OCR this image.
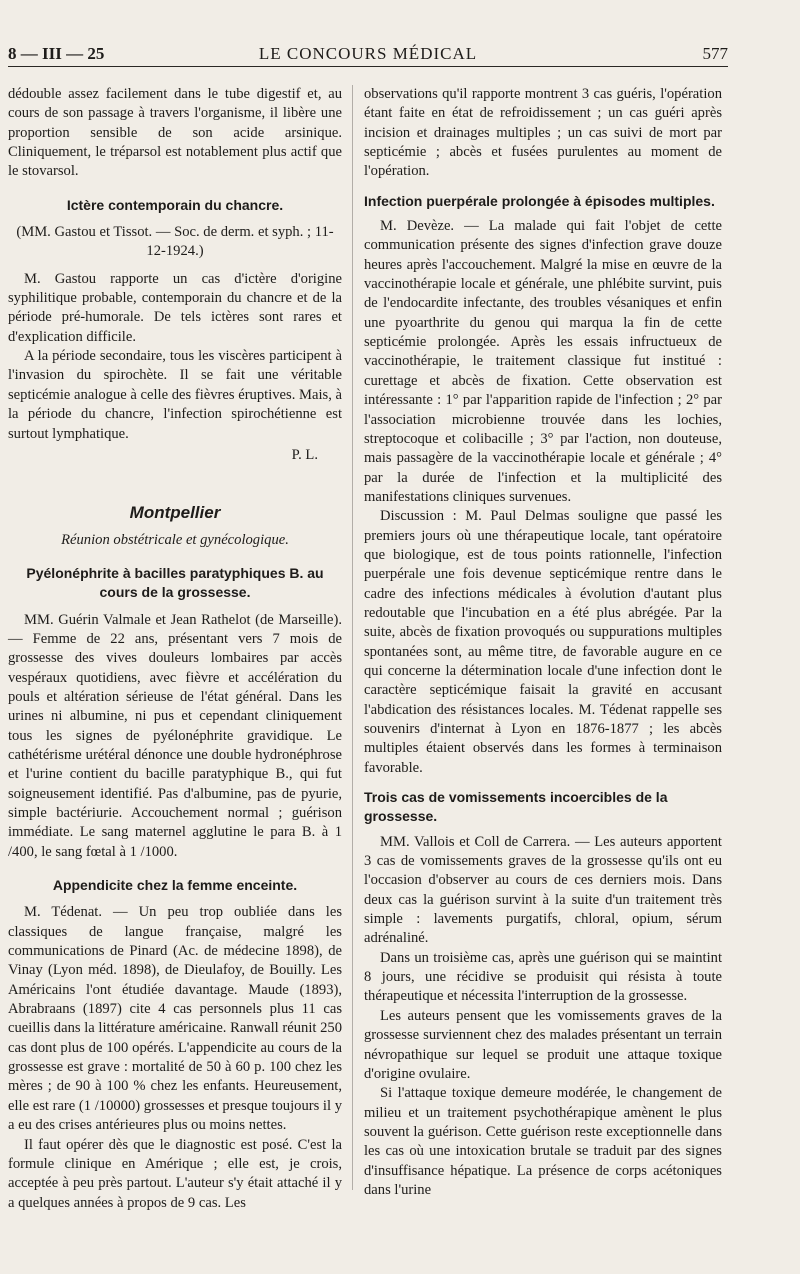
8 — III — 25	LE CONCOURS MÉDICAL	577

dédouble assez facilement dans le tube digestif et, au cours de son passage à travers l'organisme, il libère une proportion sensible de son acide arsinique. Cliniquement, le tréparsol est notablement plus actif que le stovarsol.

Ictère contemporain du chancre.

(MM. Gastou et Tissot. — Soc. de derm. et syph. ; 11-12-1924.)

M. Gastou rapporte un cas d'ictère d'origine syphilitique probable, contemporain du chancre et de la période pré-humorale. De tels ictères sont rares et d'explication difficile.

A la période secondaire, tous les viscères participent à l'invasion du spirochète. Il se fait une véritable septicémie analogue à celle des fièvres éruptives. Mais, à la période du chancre, l'infection spirochétienne est surtout lymphatique.

P. L.

Montpellier

Réunion obstétricale et gynécologique.

Pyélonéphrite à bacilles paratyphiques B. au cours de la grossesse.

MM. Guérin Valmale et Jean Rathelot (de Marseille). — Femme de 22 ans, présentant vers 7 mois de grossesse des vives douleurs lombaires par accès vespéraux quotidiens, avec fièvre et accélération du pouls et altération sérieuse de l'état général. Dans les urines ni albumine, ni pus et cependant cliniquement tous les signes de pyélonéphrite gravidique. Le cathétérisme urétéral dénonce une double hydronéphrose et l'urine contient du bacille paratyphique B., qui fut soigneusement identifié. Pas d'albumine, pas de pyurie, simple bactériurie. Accouchement normal ; guérison immédiate. Le sang maternel agglutine le para B. à 1 /400, le sang fœtal à 1 /1000.

Appendicite chez la femme enceinte.

M. Tédenat. — Un peu trop oubliée dans les classiques de langue française, malgré les communications de Pinard (Ac. de médecine 1898), de Vinay (Lyon méd. 1898), de Dieulafoy, de Bouilly. Les Américains l'ont étudiée davantage. Maude (1893), Abrabraans (1897) cite 4 cas personnels plus 11 cas cueillis dans la littérature américaine. Ranwall réunit 250 cas dont plus de 100 opérés. L'appendicite au cours de la grossesse est grave : mortalité de 50 à 60 p. 100 chez les mères ; de 90 à 100 % chez les enfants. Heureusement, elle est rare (1 /10000) grossesses et presque toujours il y a eu des crises antérieures plus ou moins nettes.

Il faut opérer dès que le diagnostic est posé. C'est la formule clinique en Amérique ; elle est, je crois, acceptée à peu près partout. L'auteur s'y était attaché il y a quelques années à propos de 9 cas. Les

observations qu'il rapporte montrent 3 cas guéris, l'opération étant faite en état de refroidissement ; un cas guéri après incision et drainages multiples ; un cas suivi de mort par septicémie ; abcès et fusées purulentes au moment de l'opération.

Infection puerpérale prolongée à épisodes multiples.

M. Devèze. — La malade qui fait l'objet de cette communication présente des signes d'infection grave douze heures après l'accouchement. Malgré la mise en œuvre de la vaccinothérapie locale et générale, une phlébite survint, puis de l'endocardite infectante, des troubles vésaniques et enfin une pyoarthrite du genou qui marqua la fin de cette septicémie prolongée. Après les essais infructueux de vaccinothérapie, le traitement classique fut institué : curettage et abcès de fixation. Cette observation est intéressante : 1° par l'apparition rapide de l'infection ; 2° par l'association microbienne trouvée dans les lochies, streptocoque et colibacille ; 3° par l'action, non douteuse, mais passagère de la vaccinothérapie locale et générale ; 4° par la durée de l'infection et la multiplicité des manifestations cliniques survenues.

Discussion : M. Paul Delmas souligne que passé les premiers jours où une thérapeutique locale, tant opératoire que biologique, est de tous points rationnelle, l'infection puerpérale une fois devenue septicémique rentre dans le cadre des infections médicales à évolution d'autant plus redoutable que l'incubation en a été plus abrégée. Par la suite, abcès de fixation provoqués ou suppurations multiples spontanées sont, au même titre, de favorable augure en ce qui concerne la détermination locale d'une infection dont le caractère septicémique faisait la gravité en accusant l'abdication des résistances locales. M. Tédenat rappelle ses souvenirs d'internat à Lyon en 1876-1877 ; les abcès multiples étaient observés dans les formes à terminaison favorable.

Trois cas de vomissements incoercibles de la grossesse.

MM. Vallois et Coll de Carrera. — Les auteurs apportent 3 cas de vomissements graves de la grossesse qu'ils ont eu l'occasion d'observer au cours de ces derniers mois. Dans deux cas la guérison survint à la suite d'un traitement très simple : lavements purgatifs, chloral, opium, sérum adrénaliné.

Dans un troisième cas, après une guérison qui se maintint 8 jours, une récidive se produisit qui résista à toute thérapeutique et nécessita l'interruption de la grossesse.

Les auteurs pensent que les vomissements graves de la grossesse surviennent chez des malades présentant un terrain névropathique sur lequel se produit une attaque toxique d'origine ovulaire.

Si l'attaque toxique demeure modérée, le changement de milieu et un traitement psychothérapique amènent le plus souvent la guérison. Cette guérison reste exceptionnelle dans les cas où une intoxication brutale se traduit par des signes d'insuffisance hépatique. La présence de corps acétoniques dans l'urine
